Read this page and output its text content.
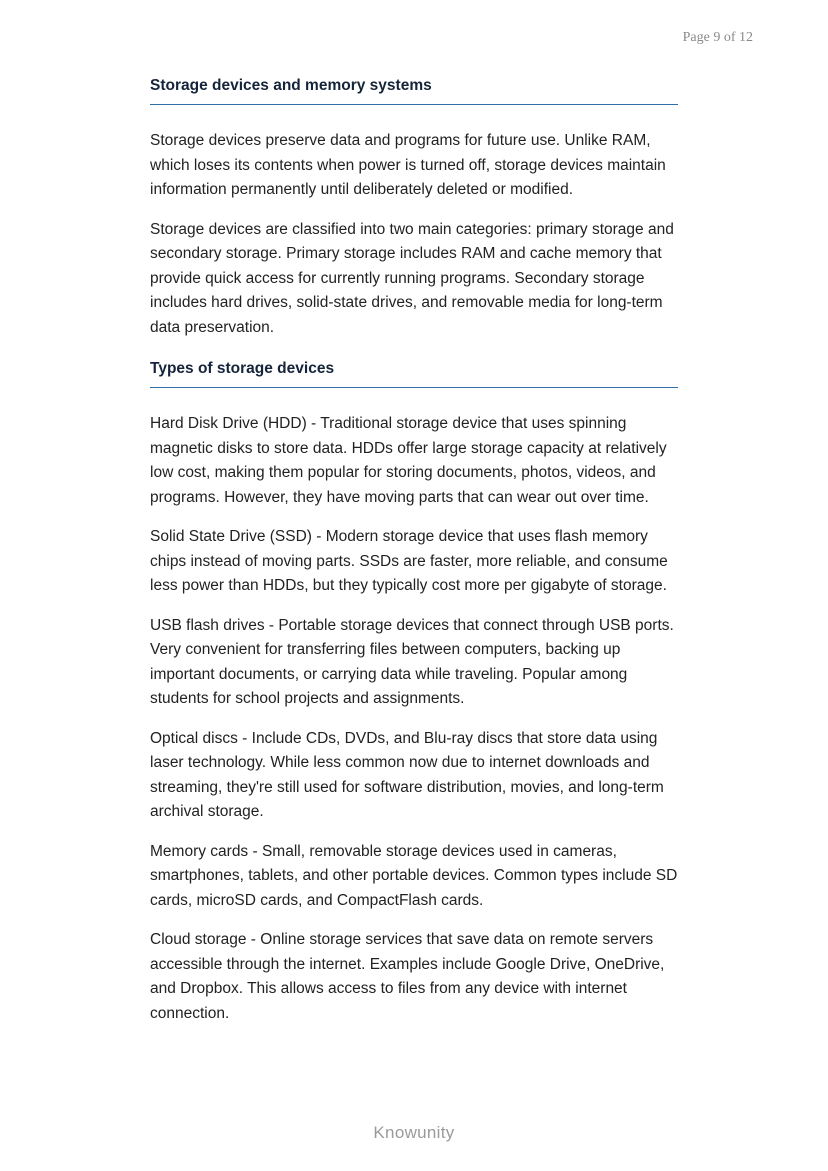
Page 9 of 12
Storage devices and memory systems

Storage devices preserve data and programs for future use. Unlike RAM, which loses its contents when power is turned off, storage devices maintain information permanently until deliberately deleted or modified.

Storage devices are classified into two main categories: primary storage and secondary storage. Primary storage includes RAM and cache memory that provide quick access for currently running programs. Secondary storage includes hard drives, solid-state drives, and removable media for long-term data preservation.

Types of storage devices

Hard Disk Drive (HDD) - Traditional storage device that uses spinning magnetic disks to store data. HDDs offer large storage capacity at relatively low cost, making them popular for storing documents, photos, videos, and programs. However, they have moving parts that can wear out over time.

Solid State Drive (SSD) - Modern storage device that uses flash memory chips instead of moving parts. SSDs are faster, more reliable, and consume less power than HDDs, but they typically cost more per gigabyte of storage.

USB flash drives - Portable storage devices that connect through USB ports. Very convenient for transferring files between computers, backing up important documents, or carrying data while traveling. Popular among students for school projects and assignments.

Optical discs - Include CDs, DVDs, and Blu-ray discs that store data using laser technology. While less common now due to internet downloads and streaming, they're still used for software distribution, movies, and long-term archival storage.

Memory cards - Small, removable storage devices used in cameras, smartphones, tablets, and other portable devices. Common types include SD cards, microSD cards, and CompactFlash cards.

Cloud storage - Online storage services that save data on remote servers accessible through the internet. Examples include Google Drive, OneDrive, and Dropbox. This allows access to files from any device with internet connection.

Knowunity
